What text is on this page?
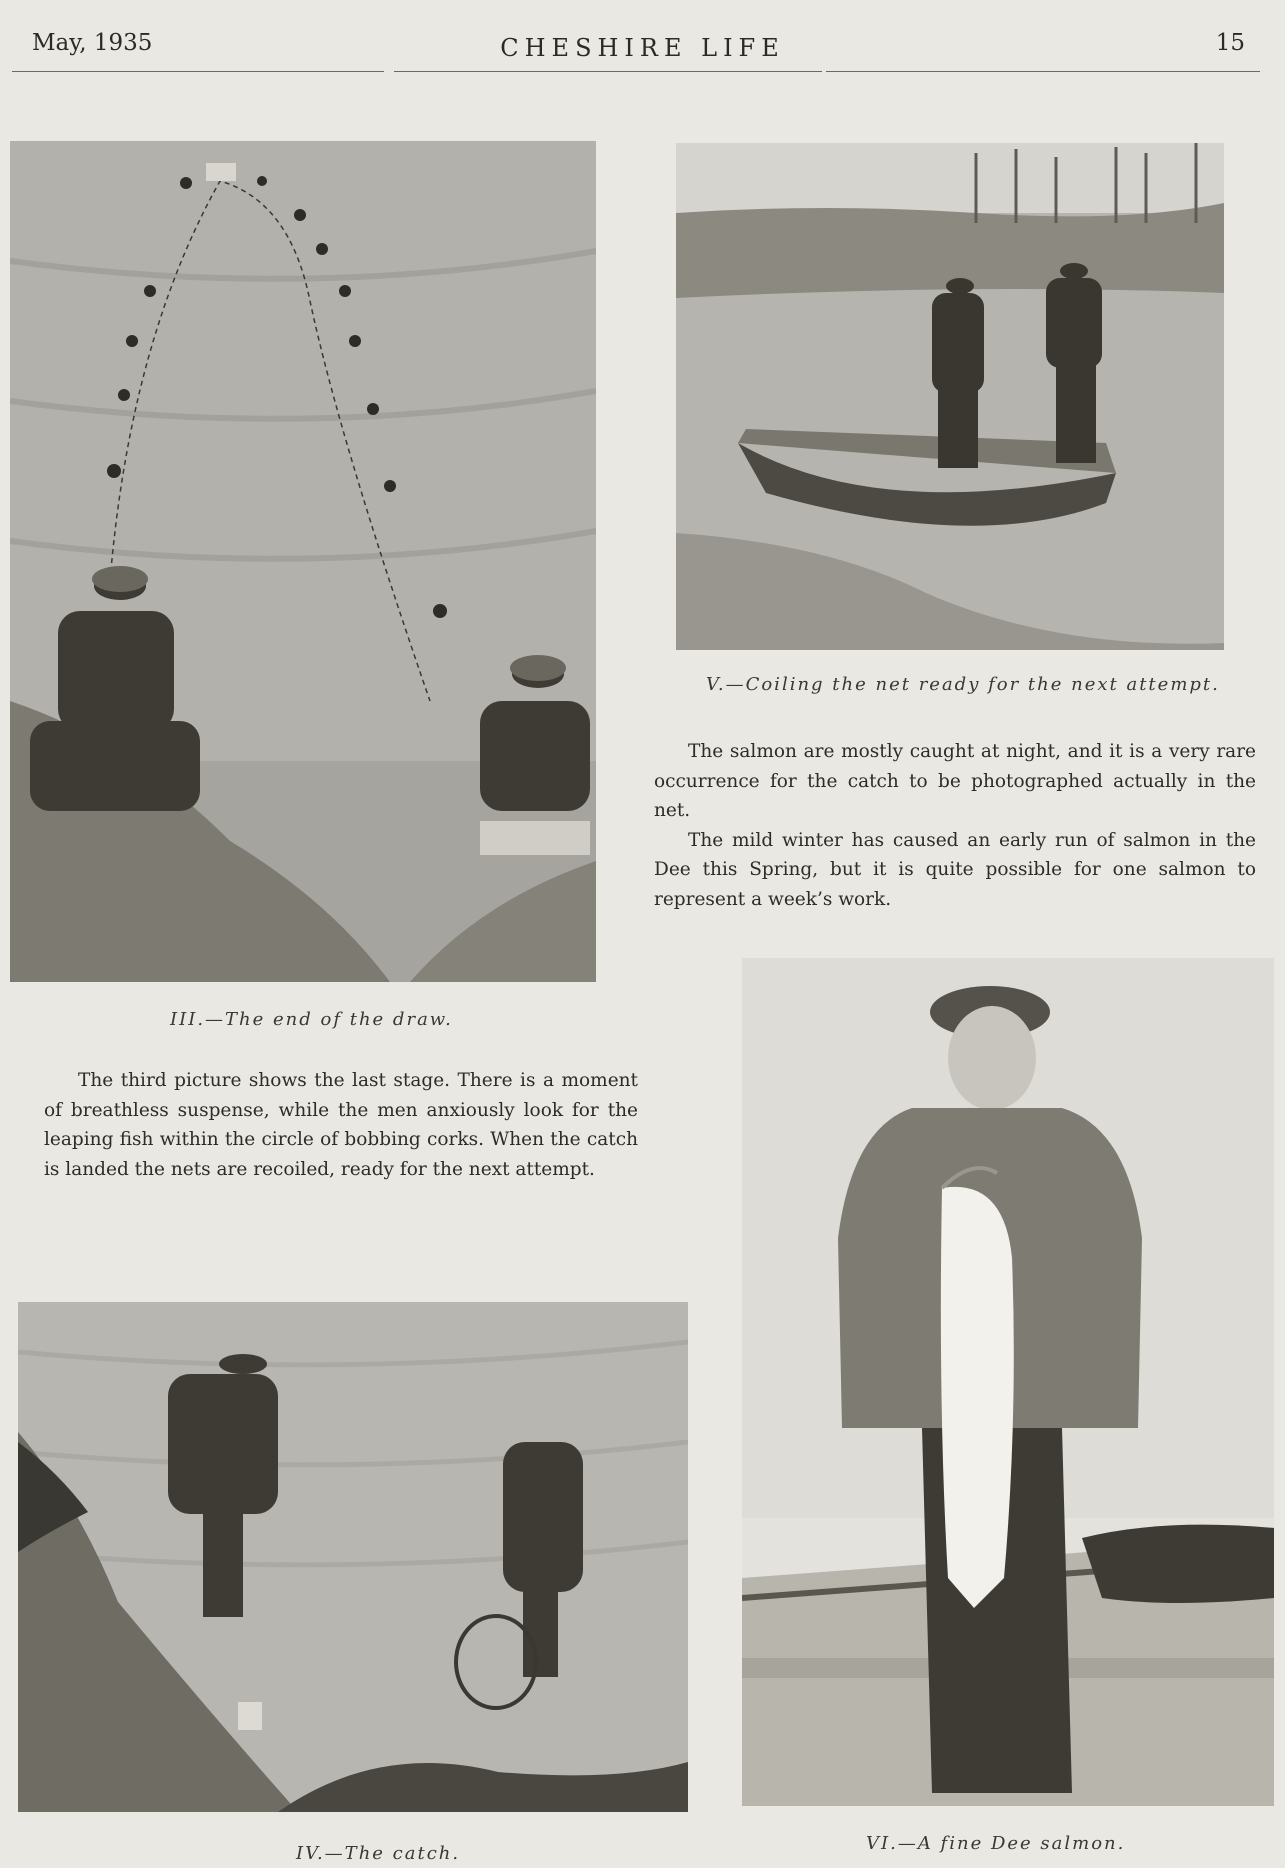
May, 1935	CHESHIRE LIFE	15
III.—The end of the draw.

The third picture shows the last stage. There is a moment of breathless suspense, while the men anxiously look for the leaping fish within the circle of bobbing corks. When the catch is landed the nets are recoiled, ready for the next attempt.

IV.—The catch.
V.—Coiling the net ready for the next attempt.

The salmon are mostly caught at night, and it is a very rare occurrence for the catch to be photographed actually in the net.

The mild winter has caused an early run of salmon in the Dee this Spring, but it is quite possible for one salmon to represent a week’s work.

VI.—A fine Dee salmon.
